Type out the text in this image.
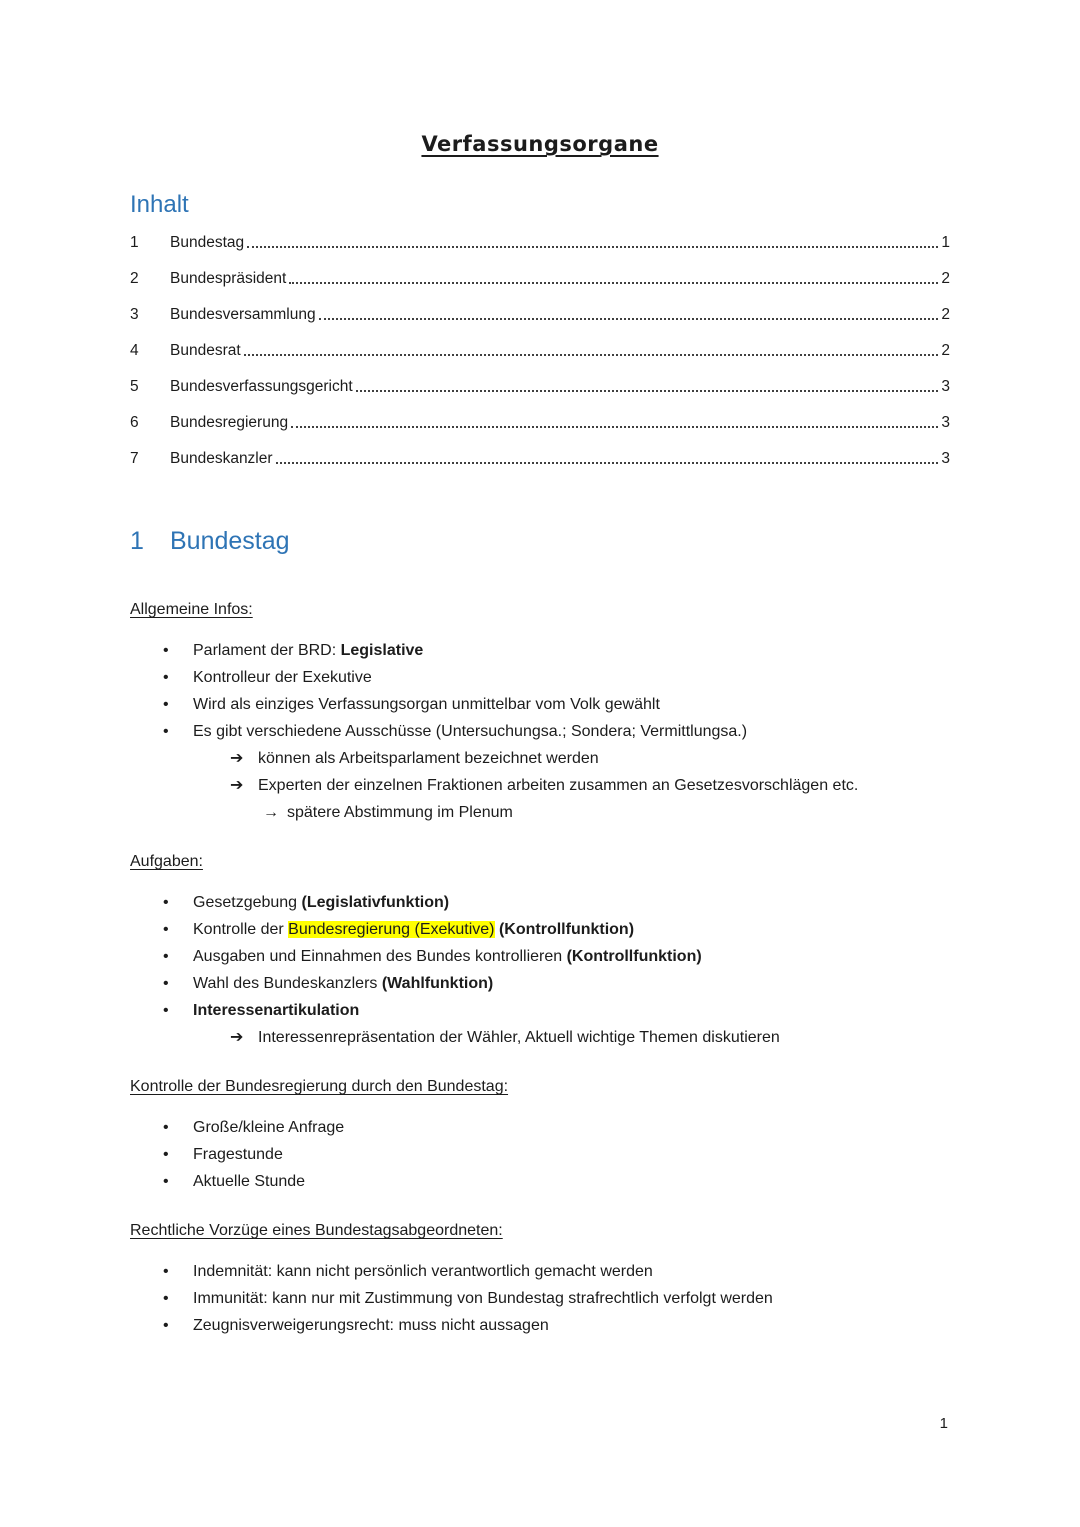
Verfassungsorgane
Inhalt
1	Bundestag	1
2	Bundespräsident	2
3	Bundesversammlung	2
4	Bundesrat	2
5	Bundesverfassungsgericht	3
6	Bundesregierung	3
7	Bundeskanzler	3
1	Bundestag
Allgemeine Infos:
•	Parlament der BRD: Legislative
•	Kontrolleur der Exekutive
•	Wird als einziges Verfassungsorgan unmittelbar vom Volk gewählt
•	Es gibt verschiedene Ausschüsse (Untersuchungsa.; Sondera; Vermittlungsa.)
➔ können als Arbeitsparlament bezeichnet werden
➔ Experten der einzelnen Fraktionen arbeiten zusammen an Gesetzesvorschlägen etc.
→ spätere Abstimmung im Plenum
Aufgaben:
•	Gesetzgebung (Legislativfunktion)
•	Kontrolle der Bundesregierung (Exekutive) (Kontrollfunktion)
•	Ausgaben und Einnahmen des Bundes kontrollieren (Kontrollfunktion)
•	Wahl des Bundeskanzlers (Wahlfunktion)
•	Interessenartikulation
➔ Interessenrepräsentation der Wähler, Aktuell wichtige Themen diskutieren
Kontrolle der Bundesregierung durch den Bundestag:
•	Große/kleine Anfrage
•	Fragestunde
•	Aktuelle Stunde
Rechtliche Vorzüge eines Bundestagsabgeordneten:
•	Indemnität: kann nicht persönlich verantwortlich gemacht werden
•	Immunität: kann nur mit Zustimmung von Bundestag strafrechtlich verfolgt werden
•	Zeugnisverweigerungsrecht: muss nicht aussagen
1
